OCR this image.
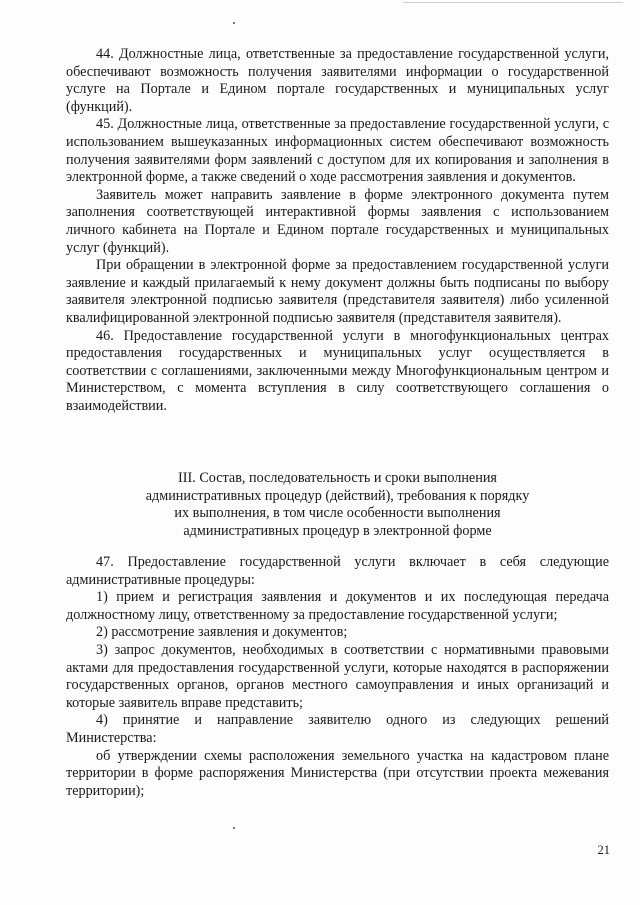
44. Должностные лица, ответственные за предоставление государственной услуги, обеспечивают возможность получения заявителями информации о государственной услуге на Портале и Едином портале государственных и муниципальных услуг (функций).

45. Должностные лица, ответственные за предоставление государственной услуги, с использованием вышеуказанных информационных систем обеспечивают возможность получения заявителями форм заявлений с доступом для их копирования и заполнения в электронной форме, а также сведений о ходе рассмотрения заявления и документов.

Заявитель может направить заявление в форме электронного документа путем заполнения соответствующей интерактивной формы заявления с использованием личного кабинета на Портале и Едином портале государственных и муниципальных услуг (функций).

При обращении в электронной форме за предоставлением государственной услуги заявление и каждый прилагаемый к нему документ должны быть подписаны по выбору заявителя электронной подписью заявителя (представителя заявителя) либо усиленной квалифицированной электронной подписью заявителя (представителя заявителя).

46. Предоставление государственной услуги в многофункциональных центрах предоставления государственных и муниципальных услуг осуществляется в соответствии с соглашениями, заключенными между Многофункциональным центром и Министерством, с момента вступления в силу соответствующего соглашения о взаимодействии.

III. Состав, последовательность и сроки выполнения
административных процедур (действий), требования к порядку
их выполнения, в том числе особенности выполнения
административных процедур в электронной форме

47. Предоставление государственной услуги включает в себя следующие административные процедуры:

1) прием и регистрация заявления и документов и их последующая передача должностному лицу, ответственному за предоставление государственной услуги;

2) рассмотрение заявления и документов;

3) запрос документов, необходимых в соответствии с нормативными правовыми актами для предоставления государственной услуги, которые находятся в распоряжении государственных органов, органов местного самоуправления и иных организаций и которые заявитель вправе представить;

4) принятие и направление заявителю одного из следующих решений Министерства:

об утверждении схемы расположения земельного участка на кадастровом плане территории в форме распоряжения Министерства (при отсутствии проекта межевания территории);

21
